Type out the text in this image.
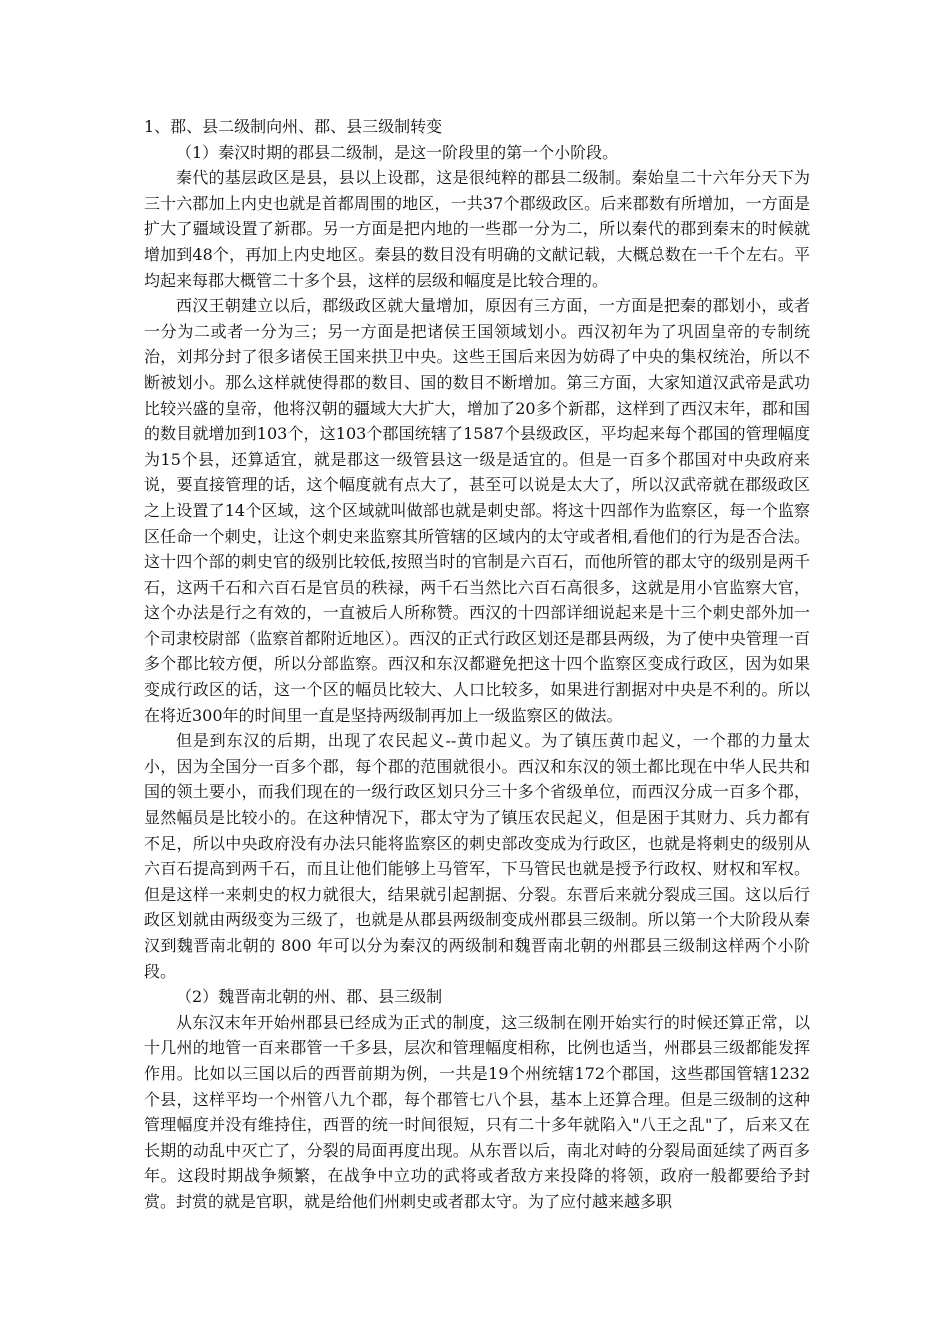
1、郡、县二级制向州、郡、县三级制转变

（1）秦汉时期的郡县二级制，是这一阶段里的第一个小阶段。

秦代的基层政区是县，县以上设郡，这是很纯粹的郡县二级制。秦始皇二十六年分天下为三十六郡加上内史也就是首都周围的地区，一共37个郡级政区。后来郡数有所增加，一方面是扩大了疆域设置了新郡。另一方面是把内地的一些郡一分为二，所以秦代的郡到秦末的时候就增加到48个，再加上内史地区。秦县的数目没有明确的文献记载，大概总数在一千个左右。平均起来每郡大概管二十多个县，这样的层级和幅度是比较合理的。

西汉王朝建立以后，郡级政区就大量增加，原因有三方面，一方面是把秦的郡划小，或者一分为二或者一分为三；另一方面是把诸侯王国领域划小。西汉初年为了巩固皇帝的专制统治，刘邦分封了很多诸侯王国来拱卫中央。这些王国后来因为妨碍了中央的集权统治，所以不断被划小。那么这样就使得郡的数目、国的数目不断增加。第三方面，大家知道汉武帝是武功比较兴盛的皇帝，他将汉朝的疆域大大扩大，增加了20多个新郡，这样到了西汉末年，郡和国的数目就增加到103个，这103个郡国统辖了1587个县级政区，平均起来每个郡国的管理幅度为15个县，还算适宜，就是郡这一级管县这一级是适宜的。但是一百多个郡国对中央政府来说，要直接管理的话，这个幅度就有点大了，甚至可以说是太大了，所以汉武帝就在郡级政区之上设置了14个区域，这个区域就叫做部也就是刺史部。将这十四部作为监察区，每一个监察区任命一个刺史，让这个刺史来监察其所管辖的区域内的太守或者相,看他们的行为是否合法。这十四个部的刺史官的级别比较低,按照当时的官制是六百石，而他所管的郡太守的级别是两千石，这两千石和六百石是官员的秩禄，两千石当然比六百石高很多，这就是用小官监察大官，这个办法是行之有效的，一直被后人所称赞。西汉的十四部详细说起来是十三个刺史部外加一个司隶校尉部（监察首都附近地区）。西汉的正式行政区划还是郡县两级，为了使中央管理一百多个郡比较方便，所以分部监察。西汉和东汉都避免把这十四个监察区变成行政区，因为如果变成行政区的话，这一个区的幅员比较大、人口比较多，如果进行割据对中央是不利的。所以在将近300年的时间里一直是坚持两级制再加上一级监察区的做法。

但是到东汉的后期，出现了农民起义--黄巾起义。为了镇压黄巾起义，一个郡的力量太小，因为全国分一百多个郡，每个郡的范围就很小。西汉和东汉的领土都比现在中华人民共和国的领土要小，而我们现在的一级行政区划只分三十多个省级单位，而西汉分成一百多个郡，显然幅员是比较小的。在这种情况下，郡太守为了镇压农民起义，但是困于其财力、兵力都有不足，所以中央政府没有办法只能将监察区的刺史部改变成为行政区，也就是将刺史的级别从六百石提高到两千石，而且让他们能够上马管军，下马管民也就是授予行政权、财权和军权。但是这样一来刺史的权力就很大，结果就引起割据、分裂。东晋后来就分裂成三国。这以后行政区划就由两级变为三级了，也就是从郡县两级制变成州郡县三级制。所以第一个大阶段从秦汉到魏晋南北朝的 800 年可以分为秦汉的两级制和魏晋南北朝的州郡县三级制这样两个小阶段。

（2）魏晋南北朝的州、郡、县三级制

从东汉末年开始州郡县已经成为正式的制度，这三级制在刚开始实行的时候还算正常，以十几州的地管一百来郡管一千多县，层次和管理幅度相称，比例也适当，州郡县三级都能发挥作用。比如以三国以后的西晋前期为例，一共是19个州统辖172个郡国，这些郡国管辖1232个县，这样平均一个州管八九个郡，每个郡管七八个县，基本上还算合理。但是三级制的这种管理幅度并没有维持住，西晋的统一时间很短，只有二十多年就陷入"八王之乱"了，后来又在长期的动乱中灭亡了，分裂的局面再度出现。从东晋以后，南北对峙的分裂局面延续了两百多年。这段时期战争频繁，在战争中立功的武将或者敌方来投降的将领，政府一般都要给予封赏。封赏的就是官职，就是给他们州刺史或者郡太守。为了应付越来越多职
